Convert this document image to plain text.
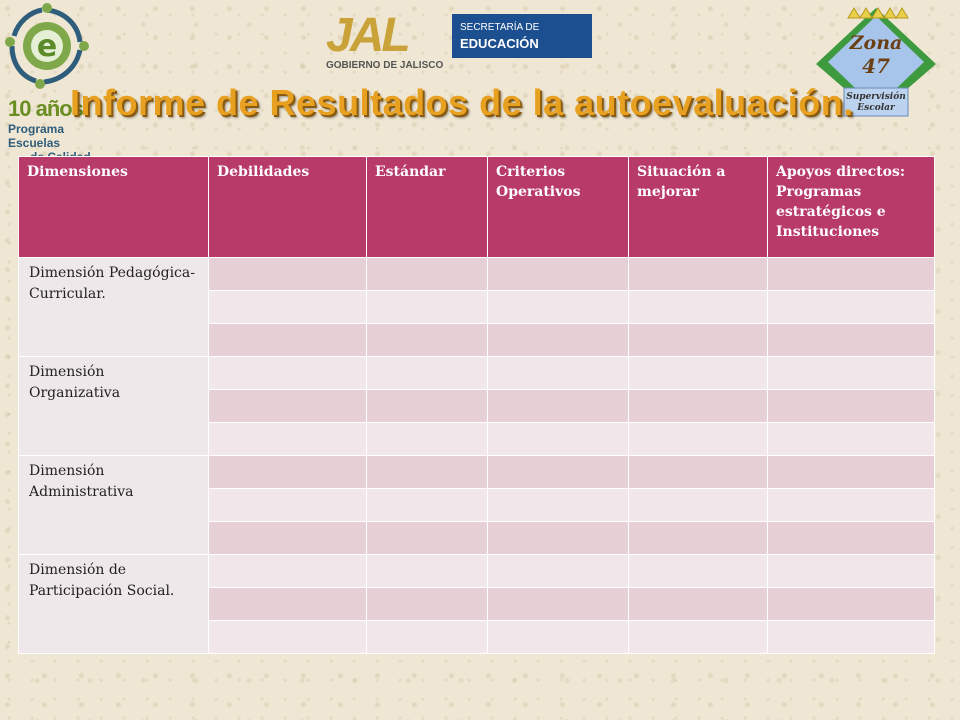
e
10 años
Programa Escuelas
JAL
GOBIERNO DE JALISCO
SECRETARÍA DE
EDUCACIÓN	Zona
47
Supervisión
Escolar
Informe de Resultados de la autoevaluación.
Dimensiones	Debilidades	Estándar	Criterios Operativos	Situación a mejorar	Apoyos directos: Programas estratégicos e Instituciones
Dimensión Pedagógica-Curricular.					

Dimensión Organizativa					

Dimensión Administrativa					

Dimensión de Participación Social.					
